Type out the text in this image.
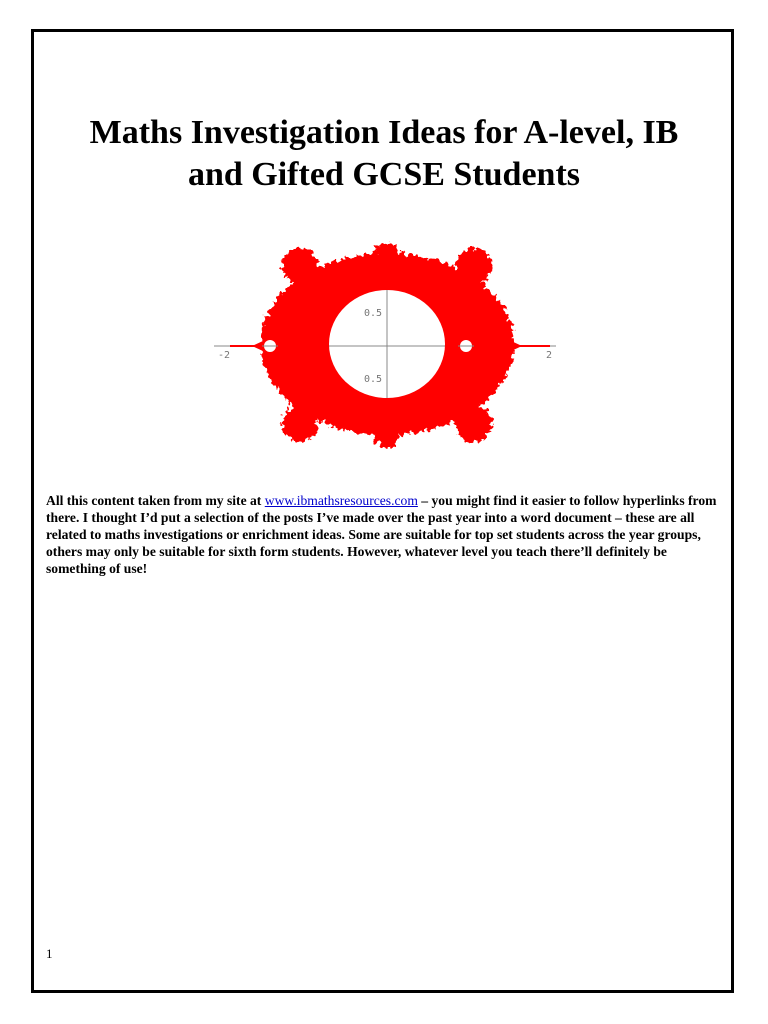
Maths Investigation Ideas for A-level, IB
and Gifted GCSE Students
-2	2
0.5
0.5

All this content taken from my site at www.ibmathsresources.com – you might find it easier to follow hyperlinks from there. I thought I’d put a selection of the posts I’ve made over the past year into a word document – these are all related to maths investigations or enrichment ideas. Some are suitable for top set students across the year groups, others may only be suitable for sixth form students. However, whatever level you teach there’ll definitely be something of use!

1
